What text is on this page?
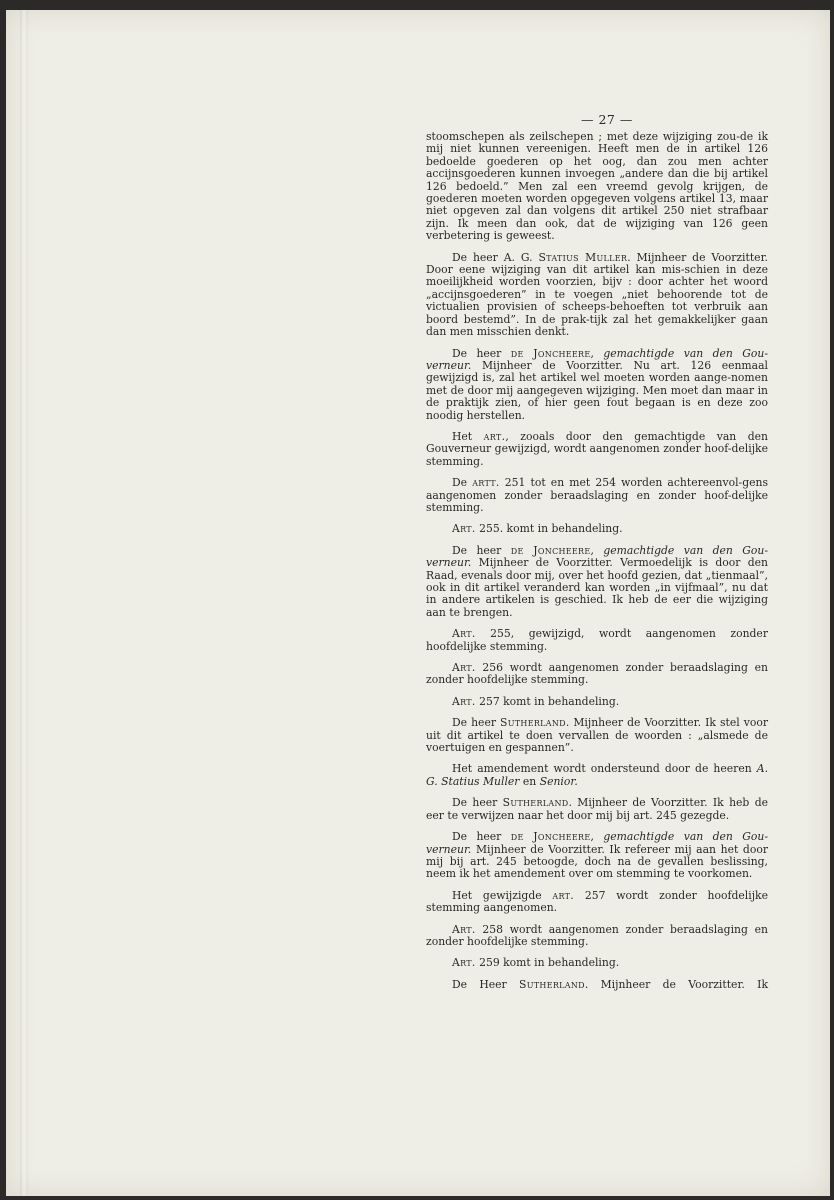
— 27 —

stoomschepen als zeilschepen ; met deze wijziging zou-de ik mij niet kunnen vereenigen. Heeft men de in artikel 126 bedoelde goederen op het oog, dan zou men achter accijnsgoederen kunnen invoegen „andere dan die bij artikel 126 bedoeld.” Men zal een vreemd gevolg krijgen, de goederen moeten worden opgegeven volgens artikel 13, maar niet opgeven zal dan volgens dit artikel 250 niet strafbaar zijn. Ik meen dan ook, dat de wijziging van 126 geen verbetering is geweest.

De heer A. G. Statius Muller. Mijnheer de Voorzitter. Door eene wijziging van dit artikel kan mis-schien in deze moeilijkheid worden voorzien, bijv : door achter het woord „accijnsgoederen” in te voegen „niet behoorende tot de victualien provisien of scheeps-behoeften tot verbruik aan boord bestemd”. In de prak-tijk zal het gemakkelijker gaan dan men misschien denkt.

De heer de Joncheere, gemachtigde van den Gou-verneur. Mijnheer de Voorzitter. Nu art. 126 eenmaal gewijzigd is, zal het artikel wel moeten worden aange-nomen met de door mij aangegeven wijziging. Men moet dan maar in de praktijk zien, of hier geen fout begaan is en deze zoo noodig herstellen.

Het art., zooals door den gemachtigde van den Gouverneur gewijzigd, wordt aangenomen zonder hoof-delijke stemming.

De artt. 251 tot en met 254 worden achtereenvol-gens aangenomen zonder beraadslaging en zonder hoof-delijke stemming.

Art. 255. komt in behandeling.

De heer de Joncheere, gemachtigde van den Gou-verneur. Mijnheer de Voorzitter. Vermoedelijk is door den Raad, evenals door mij, over het hoofd gezien, dat „tienmaal”, ook in dit artikel veranderd kan worden „in vijfmaal”, nu dat in andere artikelen is geschied. Ik heb de eer die wijziging aan te brengen.

Art. 255, gewijzigd, wordt aangenomen zonder hoofdelijke stemming.

Art. 256 wordt aangenomen zonder beraadslaging en zonder hoofdelijke stemming.

Art. 257 komt in behandeling.

De heer Sutherland. Mijnheer de Voorzitter. Ik stel voor uit dit artikel te doen vervallen de woorden : „alsmede de voertuigen en gespannen”.

Het amendement wordt ondersteund door de heeren A. G. Statius Muller en Senior.

De heer Sutherland. Mijnheer de Voorzitter. Ik heb de eer te verwijzen naar het door mij bij art. 245 gezegde.

De heer de Joncheere, gemachtigde van den Gou-verneur. Mijnheer de Voorzitter. Ik refereer mij aan het door mij bij art. 245 betoogde, doch na de gevallen beslissing, neem ik het amendement over om stemming te voorkomen.

Het gewijzigde art. 257 wordt zonder hoofdelijke stemming aangenomen.

Art. 258 wordt aangenomen zonder beraadslaging en zonder hoofdelijke stemming.

Art. 259 komt in behandeling.

De Heer Sutherland. Mijnheer de Voorzitter. Ik
